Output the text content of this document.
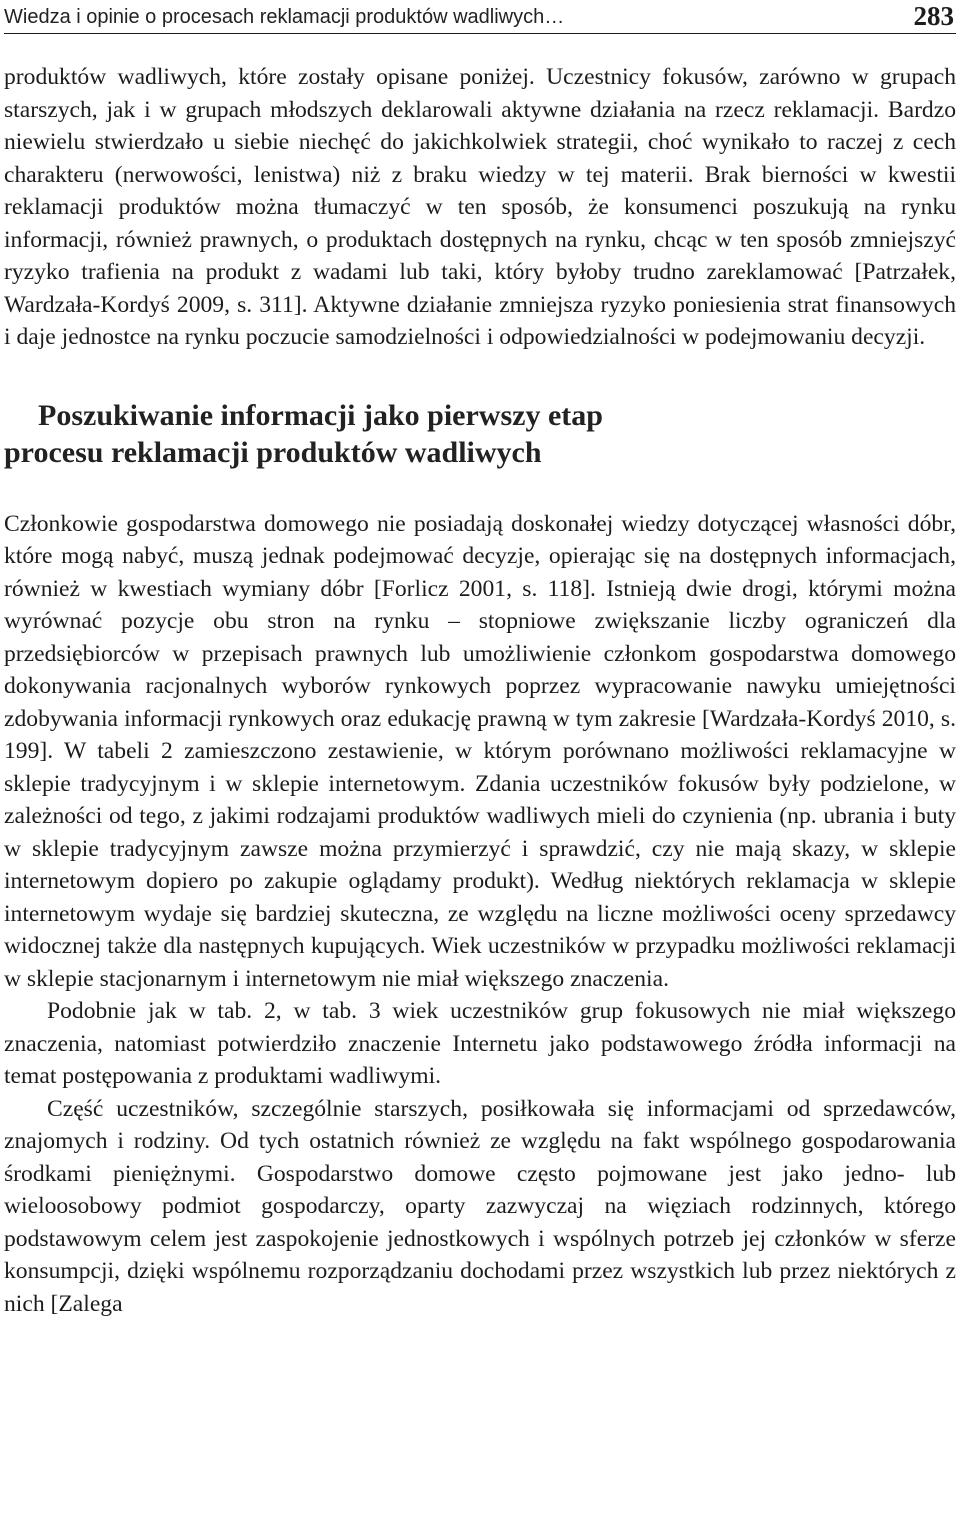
Wiedza i opinie o procesach reklamacji produktów wadliwych…	283

produktów wadliwych, które zostały opisane poniżej. Uczestnicy fokusów, zarówno w grupach starszych, jak i w grupach młodszych deklarowali aktywne działania na rzecz reklamacji. Bardzo niewielu stwierdzało u siebie niechęć do jakichkolwiek strategii, choć wynikało to raczej z cech charakteru (nerwowości, lenistwa) niż z braku wiedzy w tej materii. Brak bierności w kwestii reklamacji produktów można tłumaczyć w ten sposób, że konsumenci poszukują na rynku informacji, również prawnych, o produktach dostępnych na rynku, chcąc w ten sposób zmniejszyć ryzyko trafienia na produkt z wadami lub taki, który byłoby trudno zareklamować [Patrzałek, Wardzała-Kordyś 2009, s. 311]. Aktywne działanie zmniejsza ryzyko poniesienia strat finansowych i daje jednostce na rynku poczucie samodzielności i odpowiedzialności w podejmowaniu decyzji.

Poszukiwanie informacji jako pierwszy etap
procesu reklamacji produktów wadliwych

Członkowie gospodarstwa domowego nie posiadają doskonałej wiedzy dotyczącej własności dóbr, które mogą nabyć, muszą jednak podejmować decyzje, opierając się na dostępnych informacjach, również w kwestiach wymiany dóbr [Forlicz 2001, s. 118]. Istnieją dwie drogi, którymi można wyrównać pozycje obu stron na rynku – stopniowe zwiększanie liczby ograniczeń dla przedsiębiorców w przepisach prawnych lub umożliwienie członkom gospodarstwa domowego dokonywania racjonalnych wyborów rynkowych poprzez wypracowanie nawyku umiejętności zdobywania informacji rynkowych oraz edukację prawną w tym zakresie [Wardzała-Kordyś 2010, s. 199]. W tabeli 2 zamieszczono zestawienie, w którym porównano możliwości reklamacyjne w sklepie tradycyjnym i w sklepie internetowym. Zdania uczestników fokusów były podzielone, w zależności od tego, z jakimi rodzajami produktów wadliwych mieli do czynienia (np. ubrania i buty w sklepie tradycyjnym zawsze można przymierzyć i sprawdzić, czy nie mają skazy, w sklepie internetowym dopiero po zakupie oglądamy produkt). Według niektórych reklamacja w sklepie internetowym wydaje się bardziej skuteczna, ze względu na liczne możliwości oceny sprzedawcy widocznej także dla następnych kupujących. Wiek uczestników w przypadku możliwości reklamacji w sklepie stacjonarnym i internetowym nie miał większego znaczenia.

Podobnie jak w tab. 2, w tab. 3 wiek uczestników grup fokusowych nie miał większego znaczenia, natomiast potwierdziło znaczenie Internetu jako podstawowego źródła informacji na temat postępowania z produktami wadliwymi.

Część uczestników, szczególnie starszych, posiłkowała się informacjami od sprzedawców, znajomych i rodziny. Od tych ostatnich również ze względu na fakt wspólnego gospodarowania środkami pieniężnymi. Gospodarstwo domowe często pojmowane jest jako jedno- lub wieloosobowy podmiot gospodarczy, oparty zazwyczaj na więziach rodzinnych, którego podstawowym celem jest zaspokojenie jednostkowych i wspólnych potrzeb jej członków w sferze konsumpcji, dzięki wspólnemu rozporządzaniu dochodami przez wszystkich lub przez niektórych z nich [Zalega
